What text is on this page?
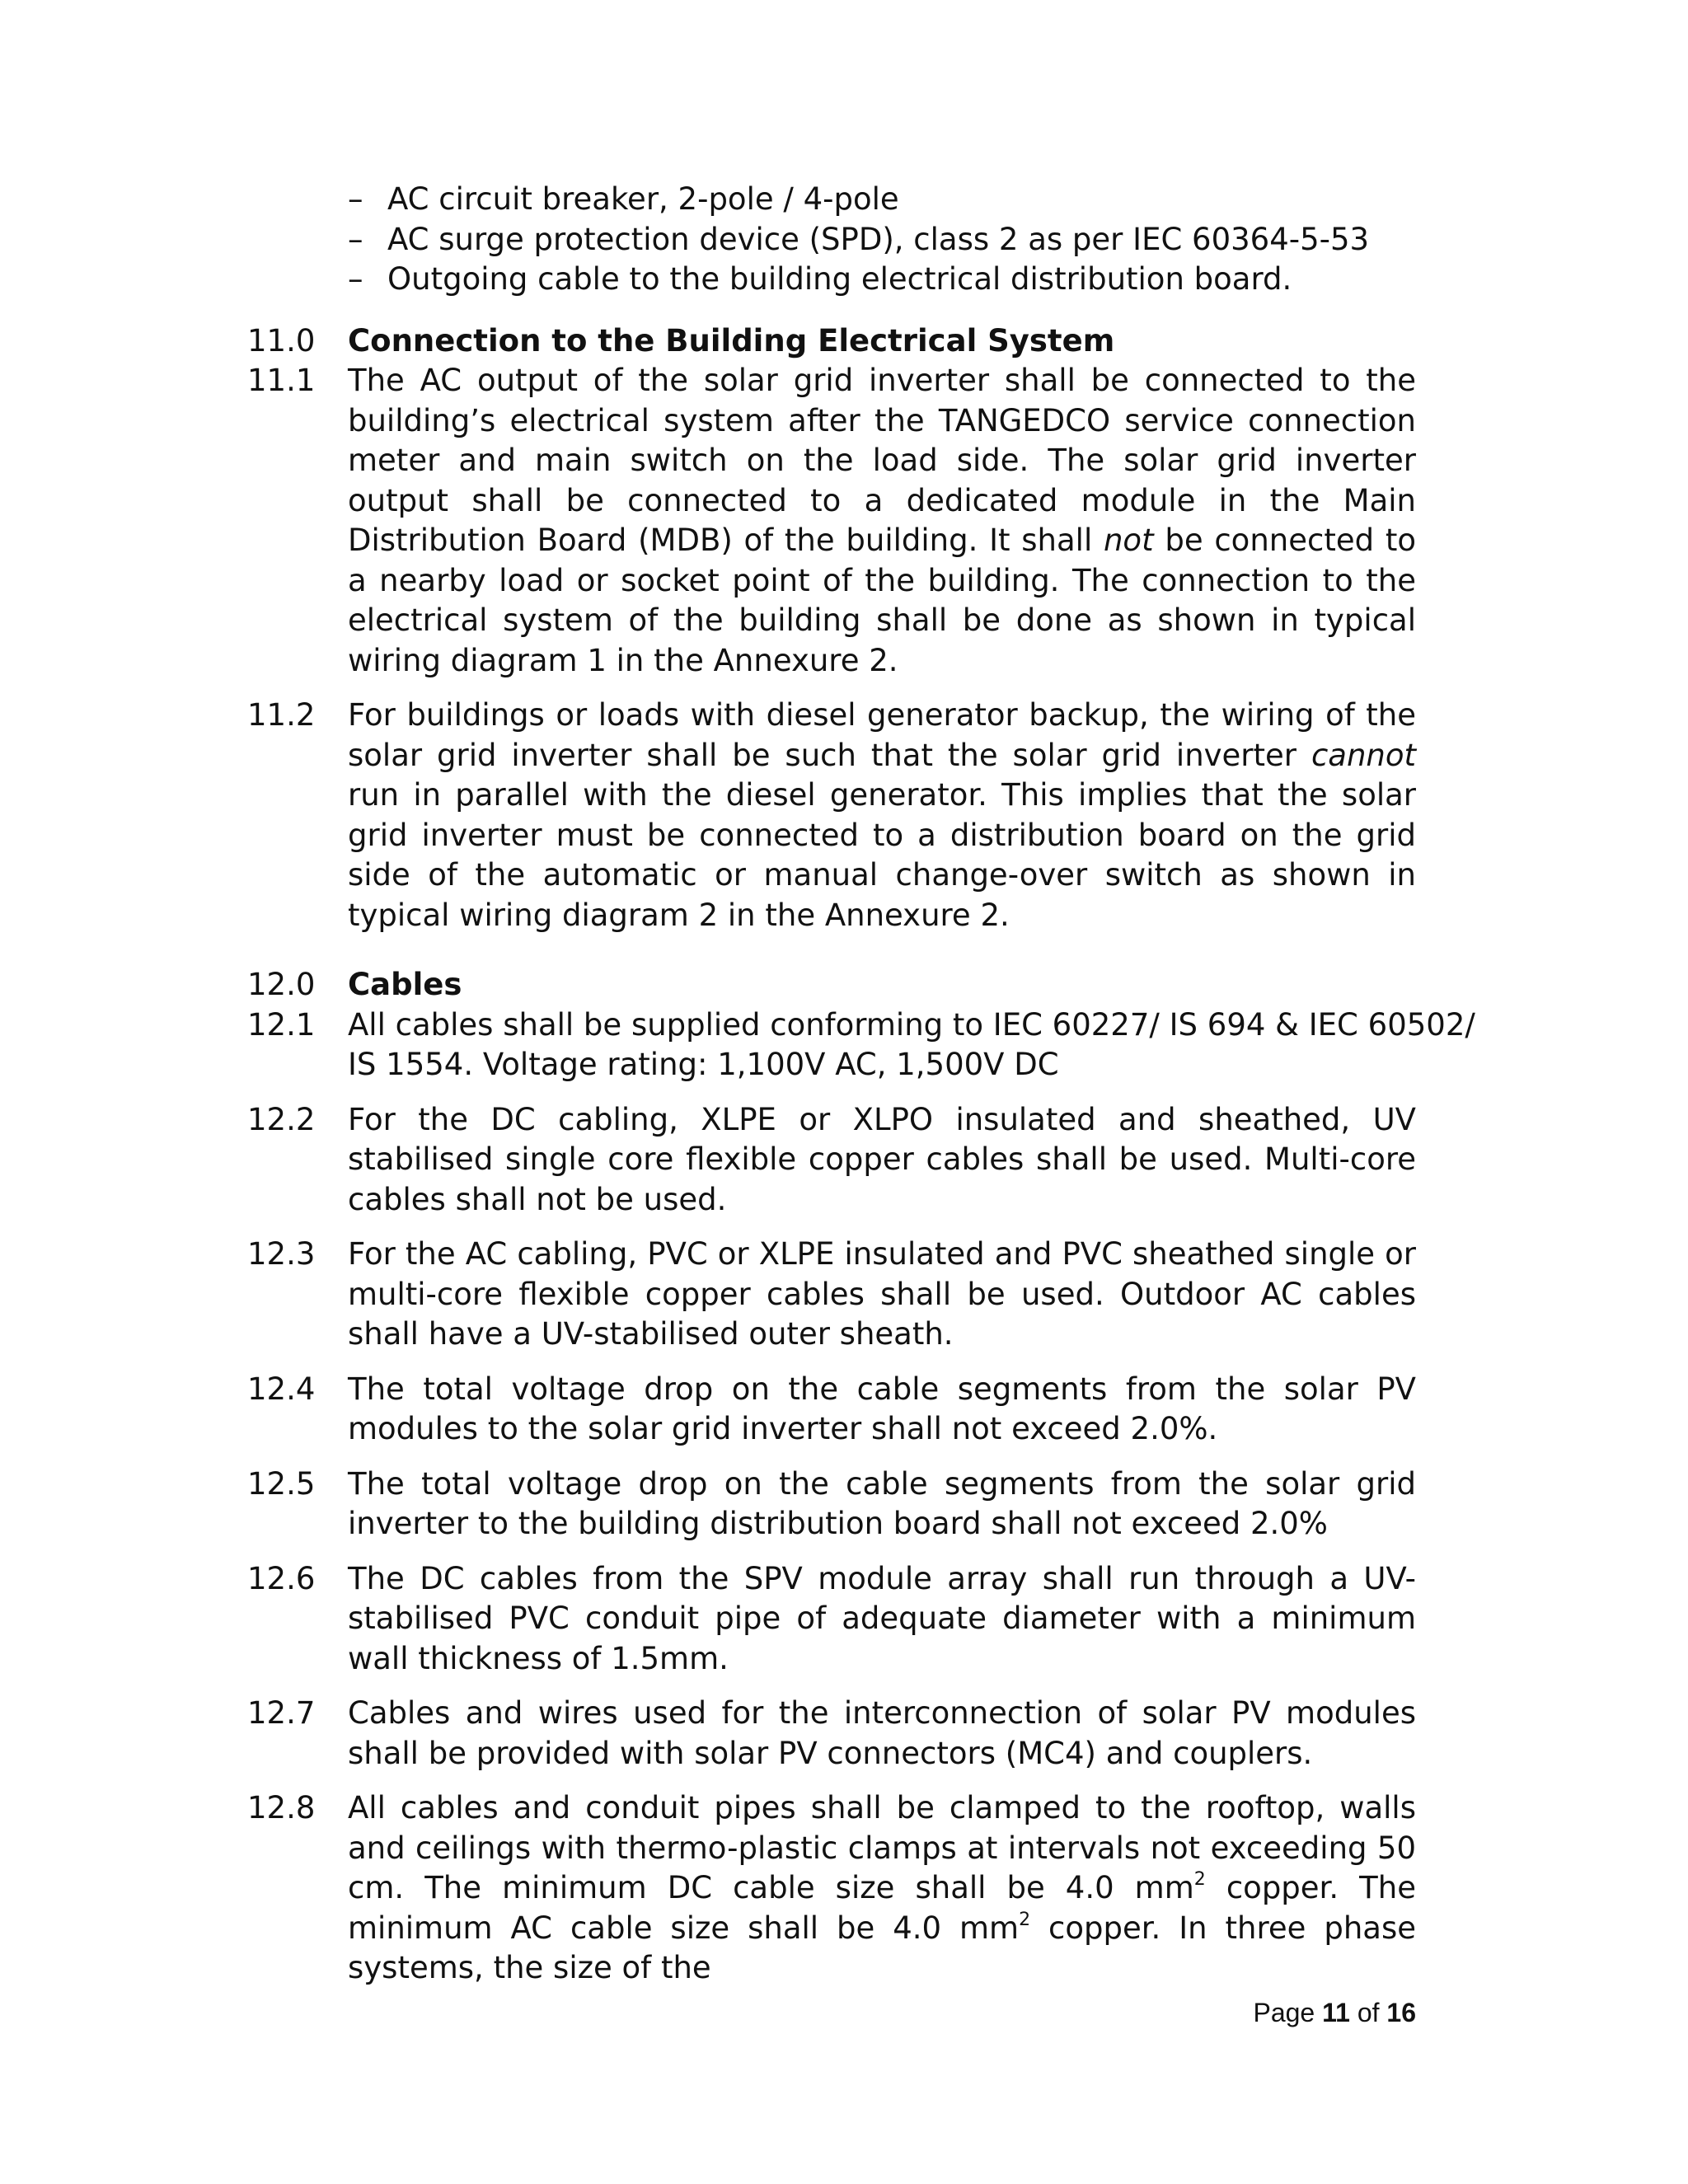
– AC circuit breaker, 2-pole / 4-pole
– AC surge protection device (SPD), class 2 as per IEC 60364-5-53
– Outgoing cable to the building electrical distribution board.
11.0	Connection to the Building Electrical System
11.1	The AC output of the solar grid inverter shall be connected to the building’s electrical system after the TANGEDCO service connection meter and main switch on the load side. The solar grid inverter output shall be connected to a dedicated module in the Main Distribution Board (MDB) of the building. It shall not be connected to a nearby load or socket point of the building. The connection to the electrical system of the building shall be done as shown in typical wiring diagram 1 in the Annexure 2.
11.2	For buildings or loads with diesel generator backup, the wiring of the solar grid inverter shall be such that the solar grid inverter cannot run in parallel with the diesel generator. This implies that the solar grid inverter must be connected to a distribution board on the grid side of the automatic or manual change-over switch as shown in typical wiring diagram 2 in the Annexure 2.
12.0	Cables
12.1	All cables shall be supplied conforming to IEC 60227/ IS 694 & IEC 60502/
IS 1554. Voltage rating: 1,100V AC, 1,500V DC
12.2	For the DC cabling, XLPE or XLPO insulated and sheathed, UV stabilised single core flexible copper cables shall be used. Multi-core cables shall not be used.
12.3	For the AC cabling, PVC or XLPE insulated and PVC sheathed single or multi-core flexible copper cables shall be used. Outdoor AC cables shall have a UV-stabilised outer sheath.
12.4	The total voltage drop on the cable segments from the solar PV modules to the solar grid inverter shall not exceed 2.0%.
12.5	The total voltage drop on the cable segments from the solar grid inverter to the building distribution board shall not exceed 2.0%
12.6	The DC cables from the SPV module array shall run through a UV-stabilised PVC conduit pipe of adequate diameter with a minimum wall thickness of 1.5mm.
12.7	Cables and wires used for the interconnection of solar PV modules shall be provided with solar PV connectors (MC4) and couplers.
12.8	All cables and conduit pipes shall be clamped to the rooftop, walls and ceilings with thermo-plastic clamps at intervals not exceeding 50 cm. The minimum DC cable size shall be 4.0 $mm^2$ copper. The minimum AC cable size shall be 4.0 $mm^2$ copper. In three phase systems, the size of the
Page 11 of 16
